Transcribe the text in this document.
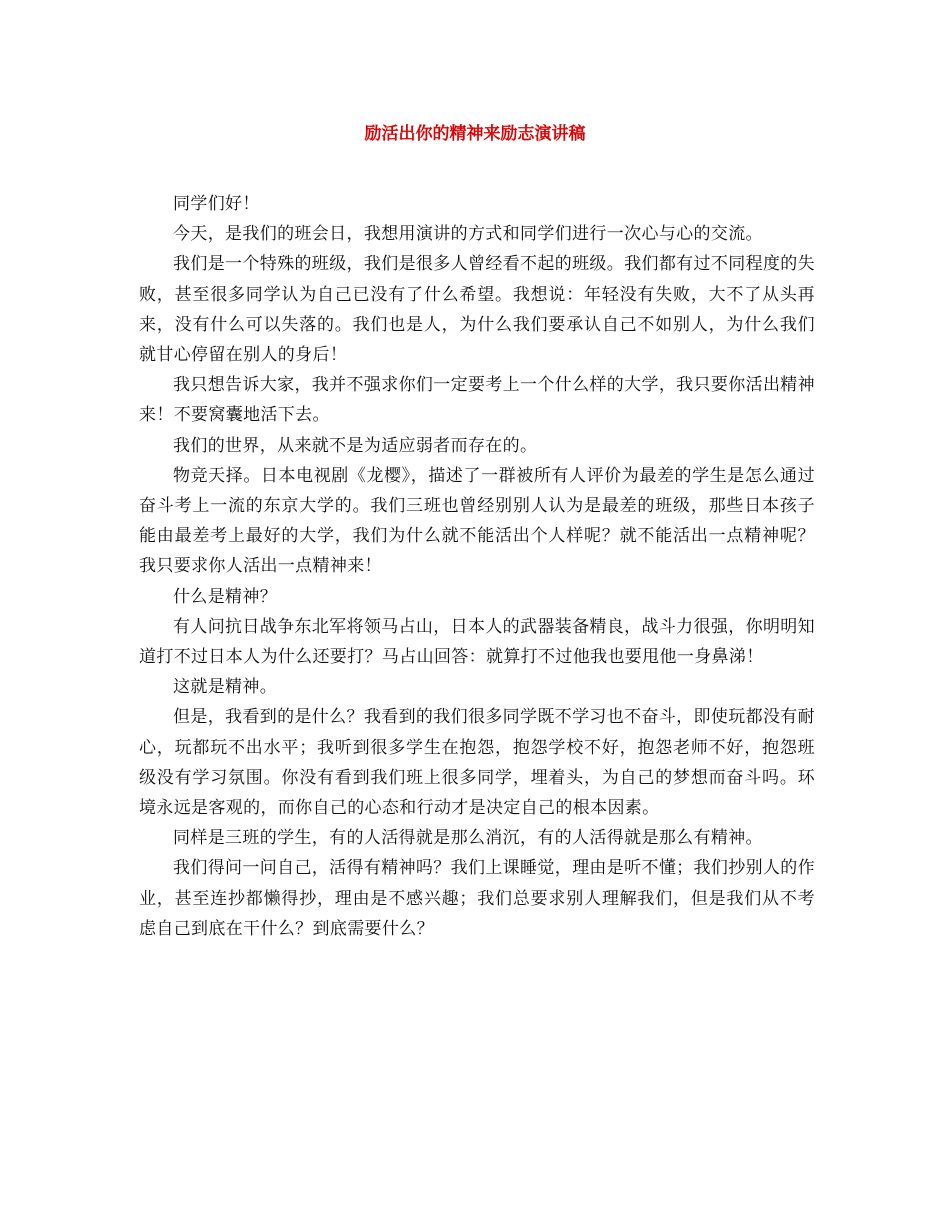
励活出你的精神来励志演讲稿

同学们好！

今天，是我们的班会日，我想用演讲的方式和同学们进行一次心与心的交流。

我们是一个特殊的班级，我们是很多人曾经看不起的班级。我们都有过不同程度的失败，甚至很多同学认为自己已没有了什么希望。我想说：年轻没有失败，大不了从头再来，没有什么可以失落的。我们也是人，为什么我们要承认自己不如别人，为什么我们就甘心停留在别人的身后！

我只想告诉大家，我并不强求你们一定要考上一个什么样的大学，我只要你活出精神来！不要窝囊地活下去。

我们的世界，从来就不是为适应弱者而存在的。

物竞天择。日本电视剧《龙樱》，描述了一群被所有人评价为最差的学生是怎么通过奋斗考上一流的东京大学的。我们三班也曾经别别人认为是最差的班级，那些日本孩子能由最差考上最好的大学，我们为什么就不能活出个人样呢？就不能活出一点精神呢？我只要求你人活出一点精神来！

什么是精神？

有人问抗日战争东北军将领马占山，日本人的武器装备精良，战斗力很强，你明明知道打不过日本人为什么还要打？马占山回答：就算打不过他我也要甩他一身鼻涕！

这就是精神。

但是，我看到的是什么？我看到的我们很多同学既不学习也不奋斗，即使玩都没有耐心，玩都玩不出水平；我听到很多学生在抱怨，抱怨学校不好，抱怨老师不好，抱怨班级没有学习氛围。你没有看到我们班上很多同学，埋着头，为自己的梦想而奋斗吗。环境永远是客观的，而你自己的心态和行动才是决定自己的根本因素。

同样是三班的学生，有的人活得就是那么消沉，有的人活得就是那么有精神。

我们得问一问自己，活得有精神吗？我们上课睡觉，理由是听不懂；我们抄别人的作业，甚至连抄都懒得抄，理由是不感兴趣；我们总要求别人理解我们，但是我们从不考虑自己到底在干什么？到底需要什么？
